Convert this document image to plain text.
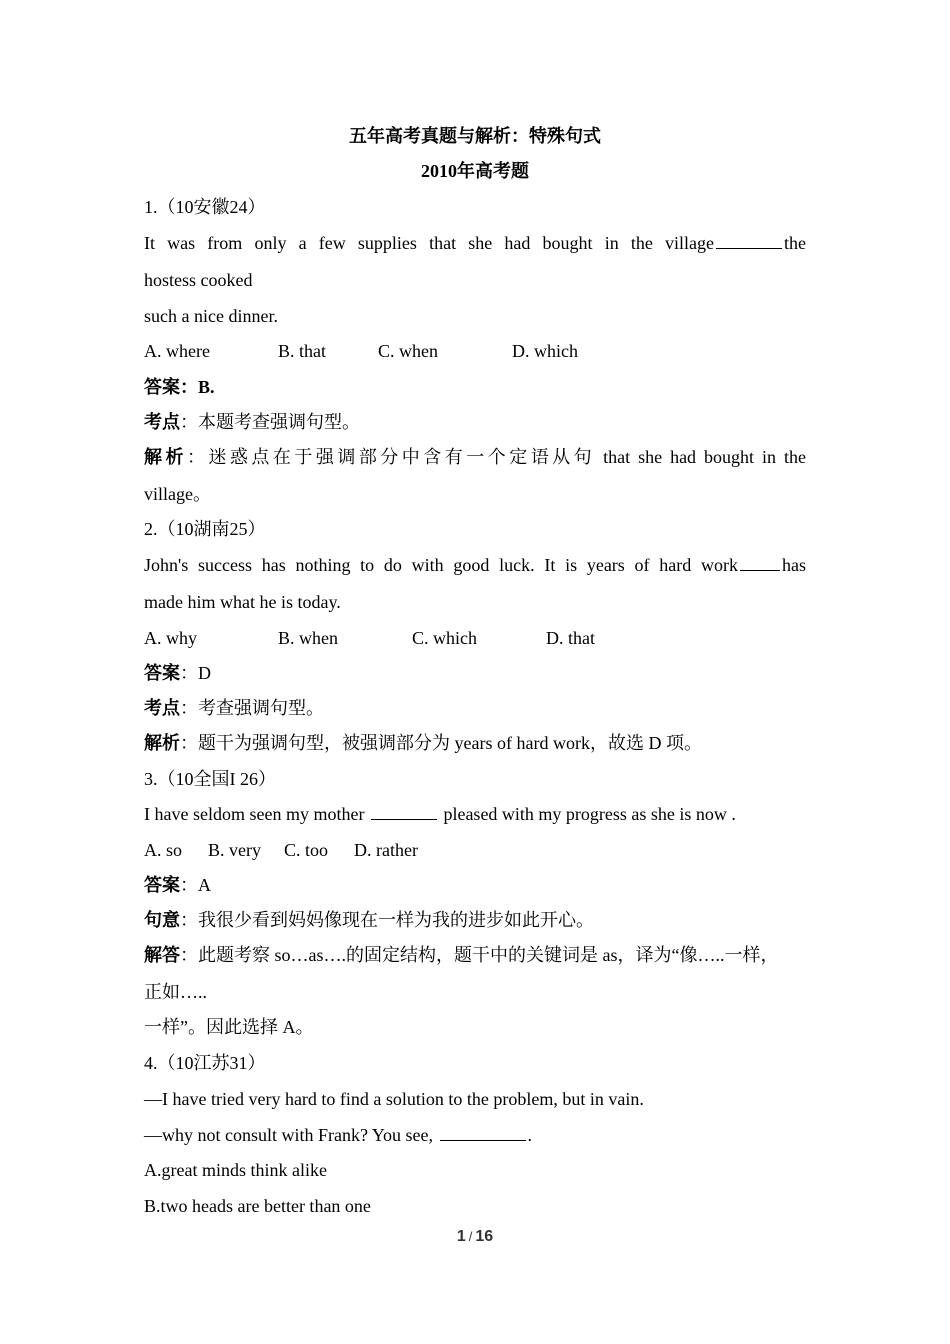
五年高考真题与解析：特殊句式
2010年高考题
1.（10安徽24）
It was from only a few supplies that she had bought in the village	the
hostess cooked
such a nice dinner.
A. where	B. that	C. when	D. which
答案：B.
考点：本题考查强调句型。
解析：迷惑点在于强调部分中含有一个定语从句 that she had bought in the
village。
2.（10湖南25）
John's success has nothing to do with good luck. It is years of hard work has
made him what he is today.
A. why	B. when	C. which	D. that
答案：D
考点：考查强调句型。
解析：题干为强调句型，被强调部分为 years of hard work，故选 D 项。
3.（10全国I 26）
I have seldom seen my mother	pleased with my progress as she is now .
A. so B. very C. too D. rather
答案：A
句意：我很少看到妈妈像现在一样为我的进步如此开心。
解答：此题考察 so…as….的固定结构，题干中的关键词是 as，译为“像…..一样，
正如…..
一样”。因此选择 A。
4.（10江苏31）
—I have tried very hard to find a solution to the problem, but in vain.
—why not consult with Frank? You see,	.
A.great minds think alike
B.two heads are better than one
1 / 16
